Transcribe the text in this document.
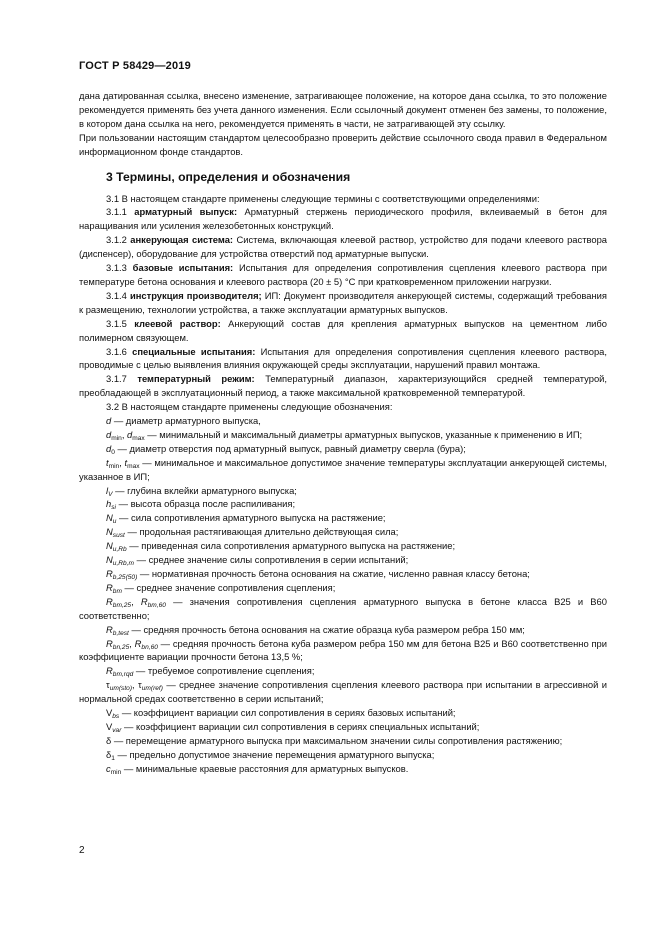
ГОСТ Р 58429—2019

дана датированная ссылка, внесено изменение, затрагивающее положение, на которое дана ссылка, то это положение рекомендуется применять без учета данного изменения. Если ссылочный документ отменен без замены, то положение, в котором дана ссылка на него, рекомендуется применять в части, не затрагивающей эту ссылку.

При пользовании настоящим стандартом целесообразно проверить действие ссылочного свода правил в Федеральном информационном фонде стандартов.

3 Термины, определения и обозначения

3.1 В настоящем стандарте применены следующие термины с соответствующими определениями:

3.1.1 арматурный выпуск: Арматурный стержень периодического профиля, вклеиваемый в бетон для наращивания или усиления железобетонных конструкций.

3.1.2 анкерующая система: Система, включающая клеевой раствор, устройство для подачи клеевого раствора (диспенсер), оборудование для устройства отверстий под арматурные выпуски.

3.1.3 базовые испытания: Испытания для определения сопротивления сцепления клеевого раствора при температуре бетона основания и клеевого раствора (20 ± 5) °С при кратковременном приложении нагрузки.

3.1.4 инструкция производителя; ИП: Документ производителя анкерующей системы, содержащий требования к размещению, технологии устройства, а также эксплуатации арматурных выпусков.

3.1.5 клеевой раствор: Анкерующий состав для крепления арматурных выпусков на цементном либо полимерном связующем.

3.1.6 специальные испытания: Испытания для определения сопротивления сцепления клеевого раствора, проводимые с целью выявления влияния окружающей среды эксплуатации, нарушений правил монтажа.

3.1.7 температурный режим: Температурный диапазон, характеризующийся средней температурой, преобладающей в эксплуатационный период, а также максимальной кратковременной температурой.

3.2 В настоящем стандарте применены следующие обозначения:

d — диаметр арматурного выпуска,

$d_{min}$, $d_{max}$ — минимальный и максимальный диаметры арматурных выпусков, указанные к применению в ИП;

$d_0$ — диаметр отверстия под арматурный выпуск, равный диаметру сверла (бура);

$t_{min}$, $t_{max}$ — минимальное и максимальное допустимое значение температуры эксплуатации анкерующей системы, указанное в ИП;

$l_V$ — глубина вклейки арматурного выпуска;

$h_{si}$ — высота образца после распиливания;

$N_u$ — сила сопротивления арматурного выпуска на растяжение;

$N_{sust}$ — продольная растягивающая длительно действующая сила;

$N_{u,Rb}$ — приведенная сила сопротивления арматурного выпуска на растяжение;

$N_{u,Rb,m}$ — среднее значение силы сопротивления в серии испытаний;

$R_{b,25(50)}$ — нормативная прочность бетона основания на сжатие, численно равная классу бетона;

$R_{bm}$ — среднее значение сопротивления сцепления;

$R_{bm,25}$, $R_{bm,60}$ — значения сопротивления сцепления арматурного выпуска в бетоне класса В25 и В60 соответственно;

$R_{b,test}$ — средняя прочность бетона основания на сжатие образца куба размером ребра 150 мм;

$R_{bn,25}$, $R_{bn,60}$ — средняя прочность бетона куба размером ребра 150 мм для бетона В25 и В60 соответственно при коэффициенте вариации прочности бетона 13,5 %;

$R_{bm,rqd}$ — требуемое сопротивление сцепления;

$\tau_{um(sto)}$, $\tau_{um(ref)}$ — среднее значение сопротивления сцепления клеевого раствора при испытании в агрессивной и нормальной средах соответственно в серии испытаний;

$V_{bs}$ — коэффициент вариации сил сопротивления в сериях базовых испытаний;

$V_{var}$ — коэффициент вариации сил сопротивления в сериях специальных испытаний;

δ — перемещение арматурного выпуска при максимальном значении силы сопротивления растяжению;

$\delta_1$ — предельно допустимое значение перемещения арматурного выпуска;

$c_{min}$ — минимальные краевые расстояния для арматурных выпусков.

2
